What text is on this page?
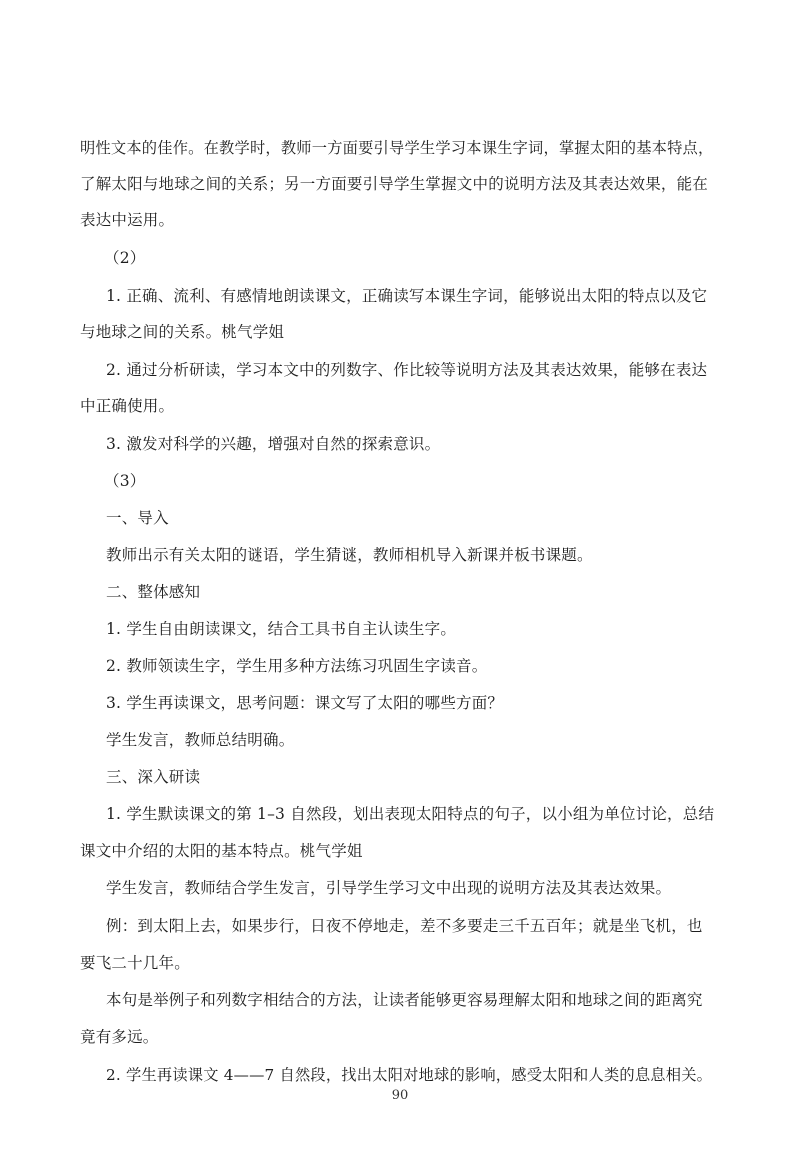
明性文本的佳作。在教学时，教师一方面要引导学生学习本课生字词，掌握太阳的基本特点，
了解太阳与地球之间的关系；另一方面要引导学生掌握文中的说明方法及其表达效果，能在
表达中运用。
（2）
1. 正确、流利、有感情地朗读课文，正确读写本课生字词，能够说出太阳的特点以及它
与地球之间的关系。桃气学姐
2. 通过分析研读，学习本文中的列数字、作比较等说明方法及其表达效果，能够在表达
中正确使用。
3. 激发对科学的兴趣，增强对自然的探索意识。
（3）
一、导入
教师出示有关太阳的谜语，学生猜谜，教师相机导入新课并板书课题。
二、整体感知
1. 学生自由朗读课文，结合工具书自主认读生字。
2. 教师领读生字，学生用多种方法练习巩固生字读音。
3. 学生再读课文，思考问题：课文写了太阳的哪些方面？
学生发言，教师总结明确。
三、深入研读
1. 学生默读课文的第 1–3 自然段，划出表现太阳特点的句子，以小组为单位讨论，总结
课文中介绍的太阳的基本特点。桃气学姐
学生发言，教师结合学生发言，引导学生学习文中出现的说明方法及其表达效果。
例：到太阳上去，如果步行，日夜不停地走，差不多要走三千五百年；就是坐飞机，也
要飞二十几年。
本句是举例子和列数字相结合的方法，让读者能够更容易理解太阳和地球之间的距离究
竟有多远。
2. 学生再读课文 4——7 自然段，找出太阳对地球的影响，感受太阳和人类的息息相关。
90
